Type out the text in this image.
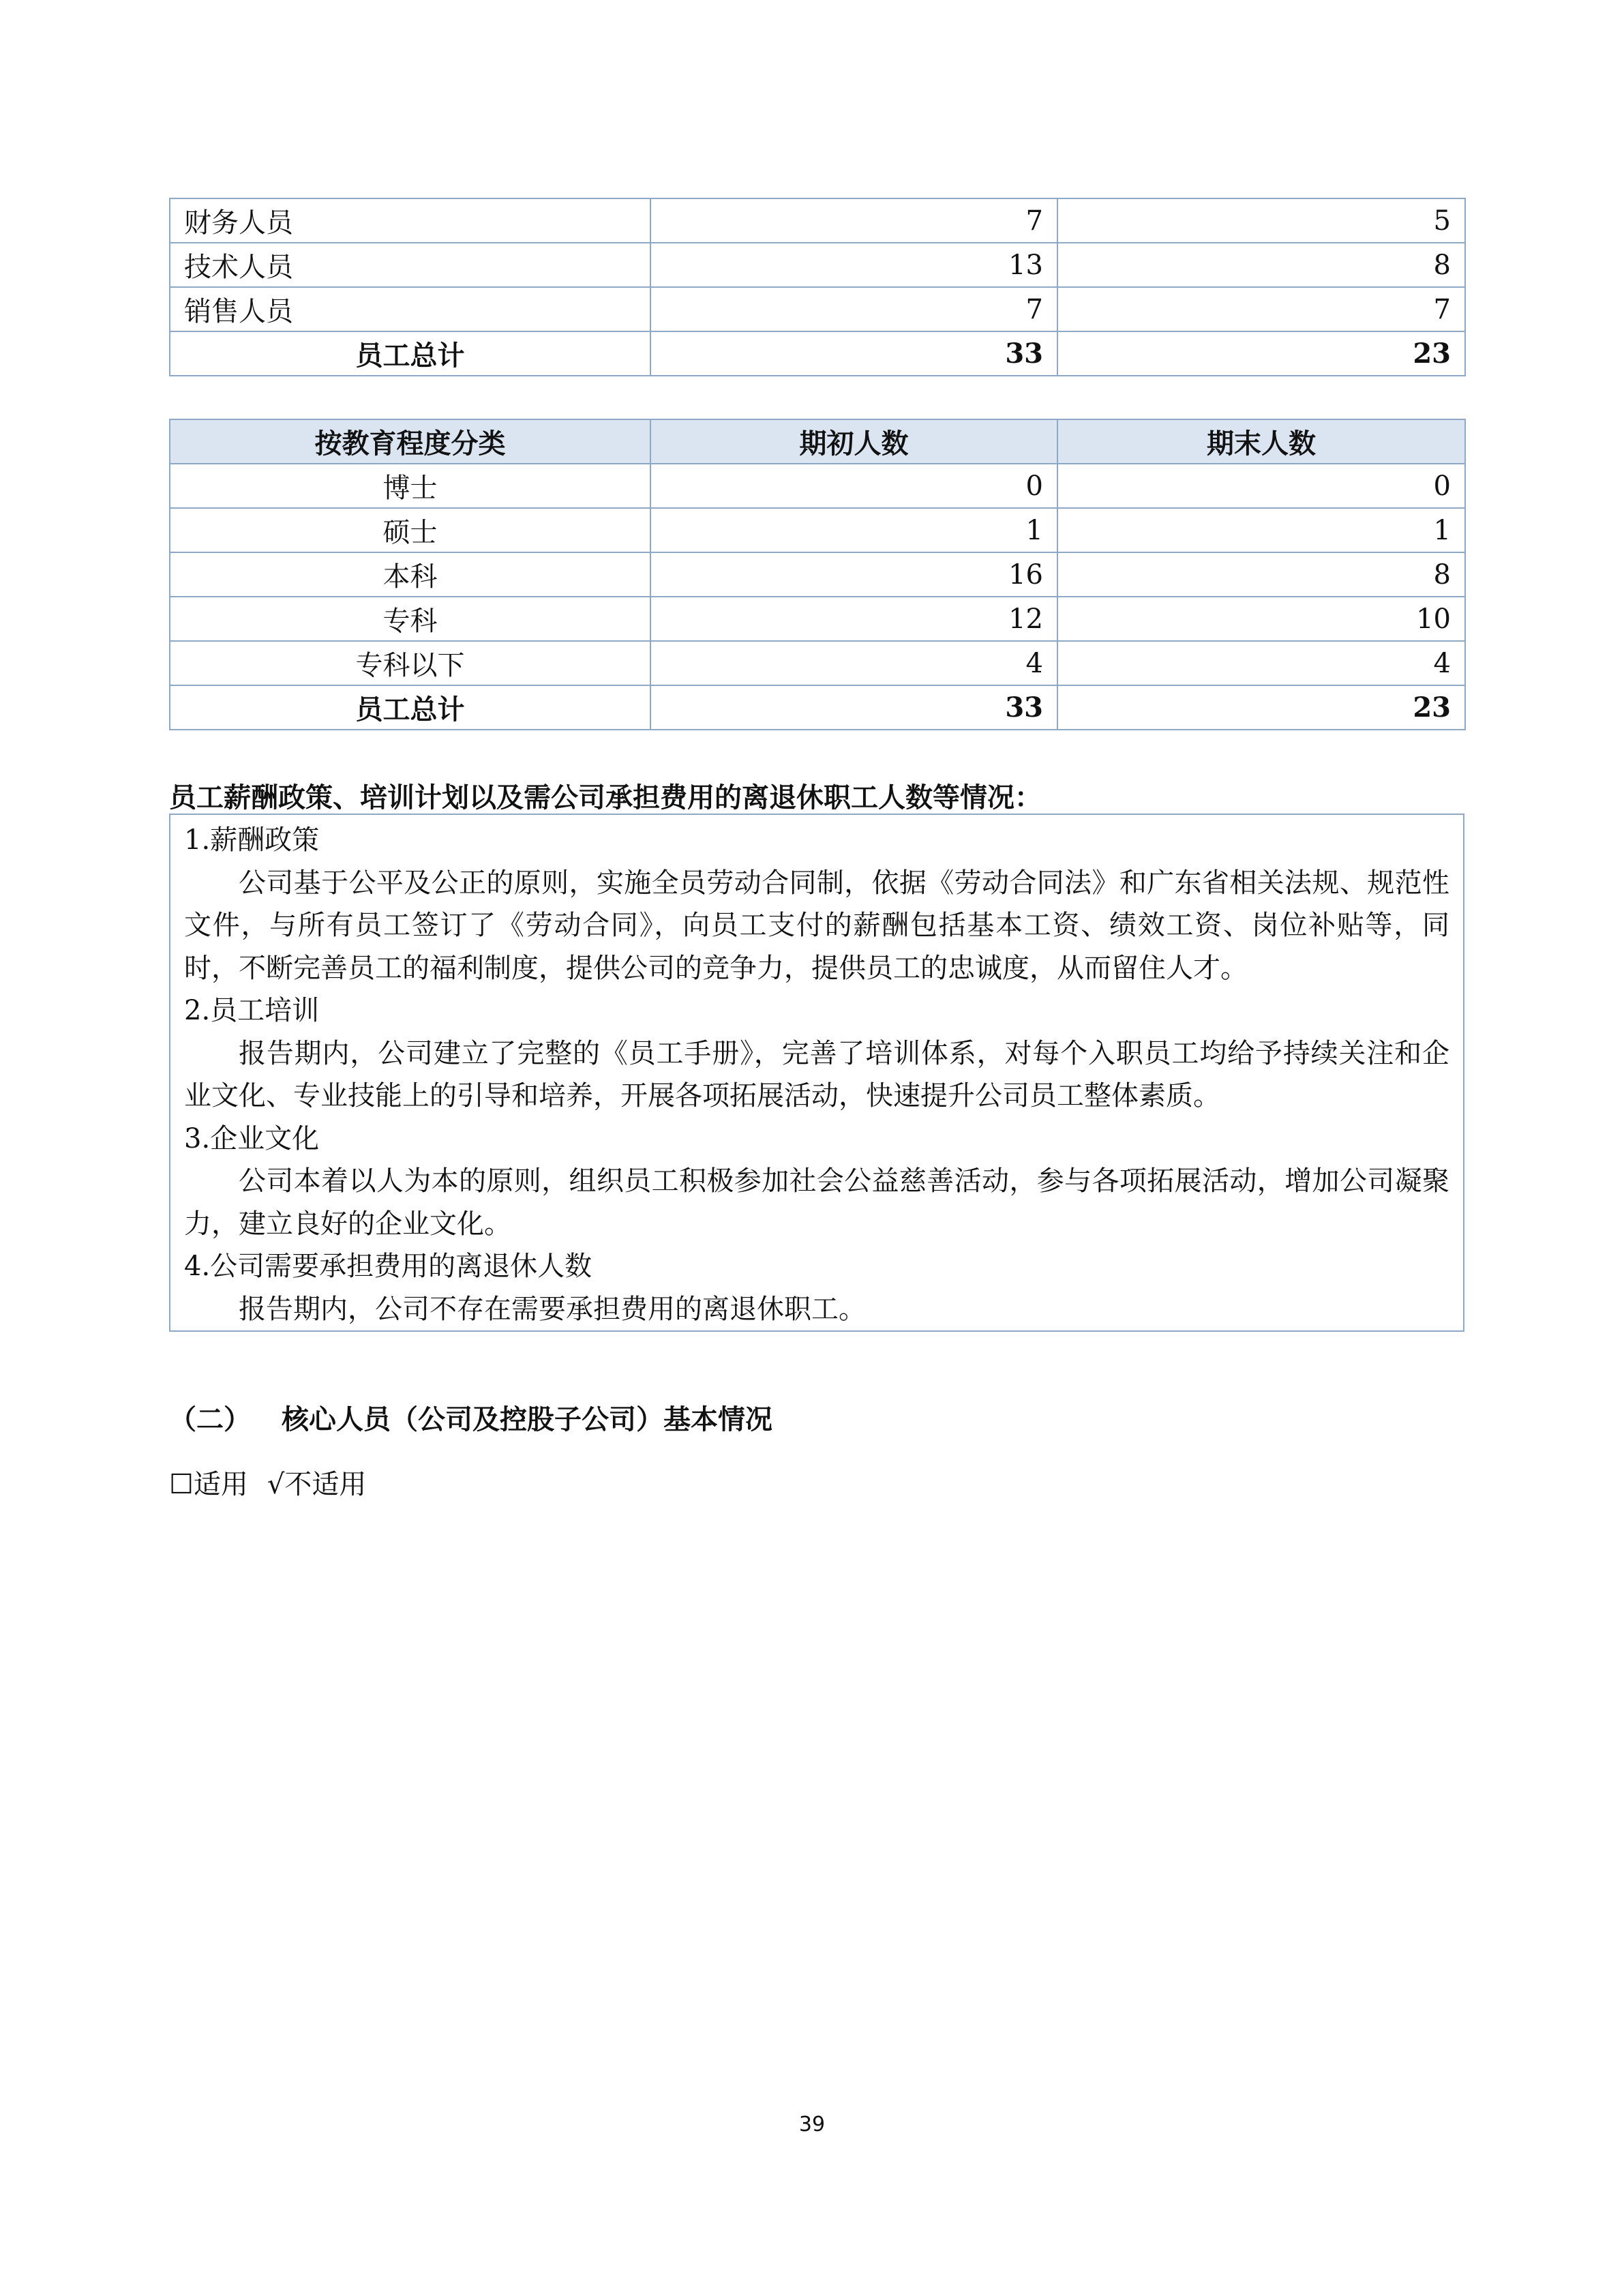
财务人员	7	5
技术人员	13	8
销售人员	7	7
员工总计	33	23
按教育程度分类	期初人数	期末人数
博士	0	0
硕士	1	1
本科	16	8
专科	12	10
专科以下	4	4
员工总计	33	23
员工薪酬政策、培训计划以及需公司承担费用的离退休职工人数等情况：
1.薪酬政策
公司基于公平及公正的原则，实施全员劳动合同制，依据《劳动合同法》和广东省相关法规、规范性文件，与所有员工签订了《劳动合同》，向员工支付的薪酬包括基本工资、绩效工资、岗位补贴等，同时，不断完善员工的福利制度，提供公司的竞争力，提供员工的忠诚度，从而留住人才。
2.员工培训
报告期内，公司建立了完整的《员工手册》，完善了培训体系，对每个入职员工均给予持续关注和企业文化、专业技能上的引导和培养，开展各项拓展活动，快速提升公司员工整体素质。
3.企业文化
公司本着以人为本的原则，组织员工积极参加社会公益慈善活动，参与各项拓展活动，增加公司凝聚力，建立良好的企业文化。
4.公司需要承担费用的离退休人数
报告期内，公司不存在需要承担费用的离退休职工。
（二） 核心人员（公司及控股子公司）基本情况
☐适用 √不适用
39
